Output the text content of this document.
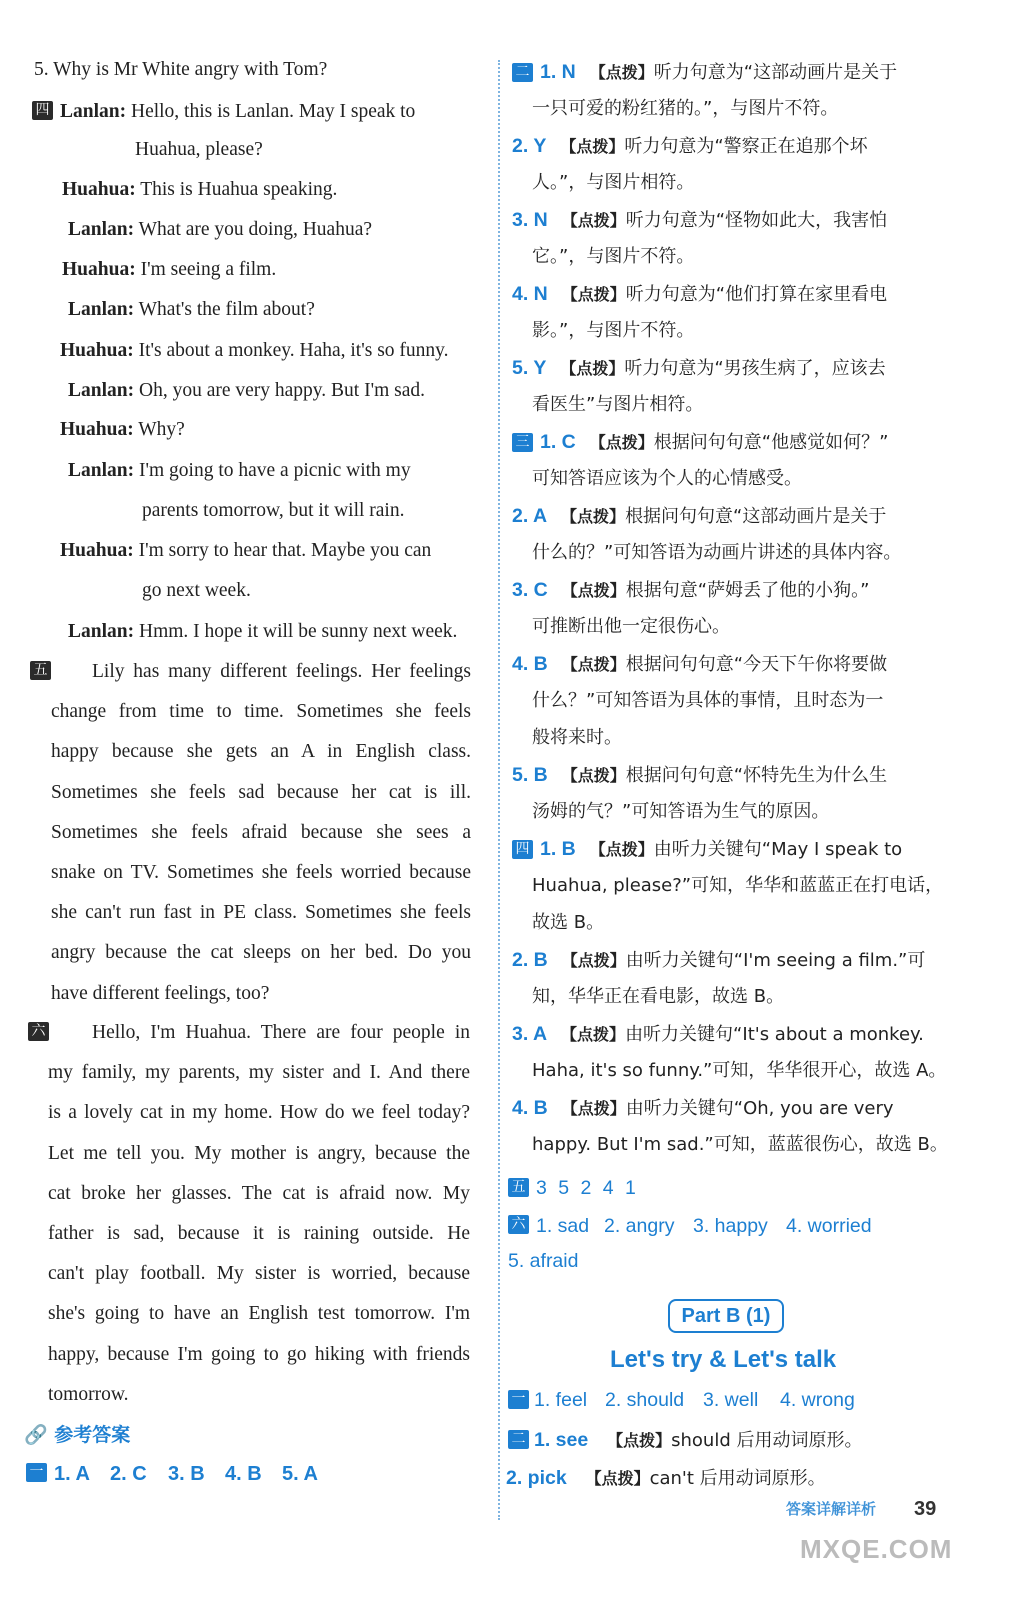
5. Why is Mr White angry with Tom?
四 Lanlan: Hello, this is Lanlan. May I speak to
Huahua, please?
Huahua: This is Huahua speaking.
Lanlan: What are you doing, Huahua?
Huahua: I'm seeing a film.
Lanlan: What's the film about?
Huahua: It's about a monkey. Haha, it's so funny.
Lanlan: Oh, you are very happy. But I'm sad.
Huahua: Why?
Lanlan: I'm going to have a picnic with my
parents tomorrow, but it will rain.
Huahua: I'm sorry to hear that. Maybe you can
go next week.
Lanlan: Hmm. I hope it will be sunny next week.
五 Lily has many different feelings. Her feelings
change from time to time. Sometimes she feels
happy because she gets an A in English class.
Sometimes she feels sad because her cat is ill.
Sometimes she feels afraid because she sees a
snake on TV. Sometimes she feels worried because
she can't run fast in PE class. Sometimes she feels
angry because the cat sleeps on her bed. Do you
have different feelings, too?
六 Hello, I'm Huahua. There are four people in
my family, my parents, my sister and I. And there
is a lovely cat in my home. How do we feel today?
Let me tell you. My mother is angry, because the
cat broke her glasses. The cat is afraid now. My
father is sad, because it is raining outside. He
can't play football. My sister is worried, because
she's going to have an English test tomorrow. I'm
happy, because I'm going to go hiking with friends
tomorrow.
🔗 参考答案
一 1. A 2. C 3. B 4. B 5. A
二 1. N 【点拨】听力句意为“这部动画片是关于
一只可爱的粉红猪的。”，与图片不符。
2. Y 【点拨】听力句意为“警察正在追那个坏
人。”，与图片相符。
3. N 【点拨】听力句意为“怪物如此大，我害怕
它。”，与图片不符。
4. N 【点拨】听力句意为“他们打算在家里看电
影。”，与图片不符。
5. Y 【点拨】听力句意为“男孩生病了，应该去
看医生”与图片相符。
三 1. C 【点拨】根据问句句意“他感觉如何？”
可知答语应该为个人的心情感受。
2. A 【点拨】根据问句句意“这部动画片是关于
什么的？”可知答语为动画片讲述的具体内容。
3. C 【点拨】根据句意“萨姆丢了他的小狗。”
可推断出他一定很伤心。
4. B 【点拨】根据问句句意“今天下午你将要做
什么？”可知答语为具体的事情，且时态为一
般将来时。
5. B 【点拨】根据问句句意“怀特先生为什么生
汤姆的气？”可知答语为生气的原因。
四 1. B 【点拨】由听力关键句“May I speak to
Huahua, please?”可知，华华和蓝蓝正在打电话，
故选 B。
2. B 【点拨】由听力关键句“I'm seeing a film.”可
知，华华正在看电影，故选 B。
3. A 【点拨】由听力关键句“It's about a monkey.
Haha, it's so funny.”可知，华华很开心，故选 A。
4. B 【点拨】由听力关键句“Oh, you are very
happy. But I'm sad.”可知，蓝蓝很伤心，故选 B。
五 3 5 2 4 1
六 1. sad 2. angry 3. happy 4. worried
5. afraid
Part B (1)
Let's try & Let's talk
一 1. feel 2. should 3. well 4. wrong
二 1. see 【点拨】should 后用动词原形。
2. pick 【点拨】can't 后用动词原形。
答案详解详析 39
MXQE.COM
